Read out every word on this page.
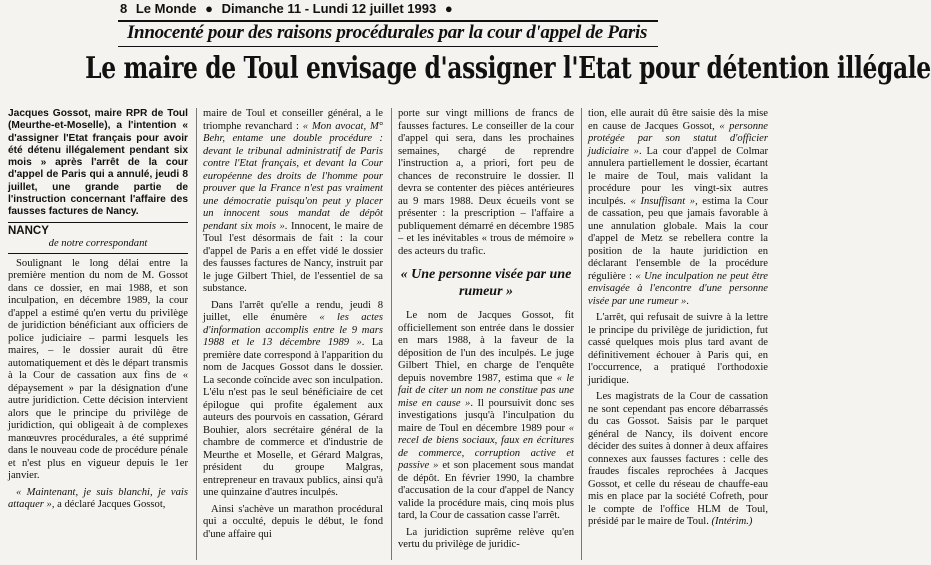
8 Le Monde ● Dimanche 11 - Lundi 12 juillet 1993 ●
Innocenté pour des raisons procédurales par la cour d'appel de Paris
Le maire de Toul envisage d'assigner l'Etat pour détention illégale
Jacques Gossot, maire RPR de Toul (Meurthe-et-Moselle), a l'intention « d'assigner l'Etat français pour avoir été détenu illégalement pendant six mois » après l'arrêt de la cour d'appel de Paris qui a annulé, jeudi 8 juillet, une grande partie de l'instruction concernant l'affaire des fausses factures de Nancy.
NANCY
de notre correspondant

Soulignant le long délai entre la première mention du nom de M. Gossot dans ce dossier, en mai 1988, et son inculpation, en décembre 1989, la cour d'appel a estimé qu'en vertu du privilège de juridiction bénéficiant aux officiers de police judiciaire – parmi lesquels les maires, – le dossier aurait dû être automatiquement et dès le départ transmis à la Cour de cassation aux fins de « dépaysement » par la désignation d'une autre juridiction. Cette décision intervient alors que le principe du privilège de juridiction, qui obligeait à de complexes manœuvres procédurales, a été supprimé dans le nouveau code de procédure pénale et n'est plus en vigueur depuis le 1er janvier.

« Maintenant, je suis blanchi, je vais attaquer », a déclaré Jacques Gossot,

maire de Toul et conseiller général, a le triomphe revanchard : « Mon avocat, M° Behr, entame une double procédure : devant le tribunal administratif de Paris contre l'Etat français, et devant la Cour européenne des droits de l'homme pour prouver que la France n'est pas vraiment une démocratie puisqu'on peut y placer un innocent sous mandat de dépôt pendant six mois ». Innocent, le maire de Toul l'est désormais de fait : la cour d'appel de Paris a en effet vidé le dossier des fausses factures de Nancy, instruit par le juge Gilbert Thiel, de l'essentiel de sa substance.

Dans l'arrêt qu'elle a rendu, jeudi 8 juillet, elle énumère « les actes d'information accomplis entre le 9 mars 1988 et le 13 décembre 1989 ». La première date correspond à l'apparition du nom de Jacques Gossot dans le dossier. La seconde coïncide avec son inculpation. L'élu n'est pas le seul bénéficiaire de cet épilogue qui profite également aux auteurs des pourvois en cassation, Gérard Bouhier, alors secrétaire général de la chambre de commerce et d'industrie de Meurthe et Moselle, et Gérard Malgras, président du groupe Malgras, entrepreneur en travaux publics, ainsi qu'à une quinzaine d'autres inculpés.

Ainsi s'achève un marathon procédural qui a occulté, depuis le début, le fond d'une affaire qui

porte sur vingt millions de francs de fausses factures. Le conseiller de la cour d'appel qui sera, dans les prochaines semaines, chargé de reprendre l'instruction a, a priori, fort peu de chances de reconstruire le dossier. Il devra se contenter des pièces antérieures au 9 mars 1988. Deux écueils vont se présenter : la prescription – l'affaire a publiquement démarré en décembre 1985 – et les inévitables « trous de mémoire » des acteurs du trafic.

« Une personne visée par une rumeur »

Le nom de Jacques Gossot, fit officiellement son entrée dans le dossier en mars 1988, à la faveur de la déposition de l'un des inculpés. Le juge Gilbert Thiel, en charge de l'enquête depuis novembre 1987, estima que « le fait de citer un nom ne constitue pas une mise en cause ». Il poursuivit donc ses investigations jusqu'à l'inculpation du maire de Toul en décembre 1989 pour « recel de biens sociaux, faux en écritures de commerce, corruption active et passive » et son placement sous mandat de dépôt. En février 1990, la chambre d'accusation de la cour d'appel de Nancy valide la procédure mais, cinq mois plus tard, la Cour de cassation casse l'arrêt.

La juridiction suprême relève qu'en vertu du privilège de juridic-

tion, elle aurait dû être saisie dès la mise en cause de Jacques Gossot, « personne protégée par son statut d'officier judiciaire ». La cour d'appel de Colmar annulera partiellement le dossier, écartant le maire de Toul, mais validant la procédure pour les vingt-six autres inculpés. « Insuffisant », estima la Cour de cassation, peu que jamais favorable à une annulation globale. Mais la cour d'appel de Metz se rebellera contre la position de la haute juridiction en déclarant l'ensemble de la procédure régulière : « Une inculpation ne peut être envisagée à l'encontre d'une personne visée par une rumeur ».

L'arrêt, qui refusait de suivre à la lettre le principe du privilège de juridiction, fut cassé quelques mois plus tard avant de définitivement échouer à Paris qui, en l'occurrence, a pratiqué l'orthodoxie juridique.

Les magistrats de la Cour de cassation ne sont cependant pas encore débarrassés du cas Gossot. Saisis par le parquet général de Nancy, ils doivent encore décider des suites à donner à deux affaires connexes aux fausses factures : celle des fraudes fiscales reprochées à Jacques Gossot, et celle du réseau de chauffe-eau mis en place par la société Cofreth, pour le compte de l'office HLM de Toul, présidé par le maire de Toul. (Intérim.)
